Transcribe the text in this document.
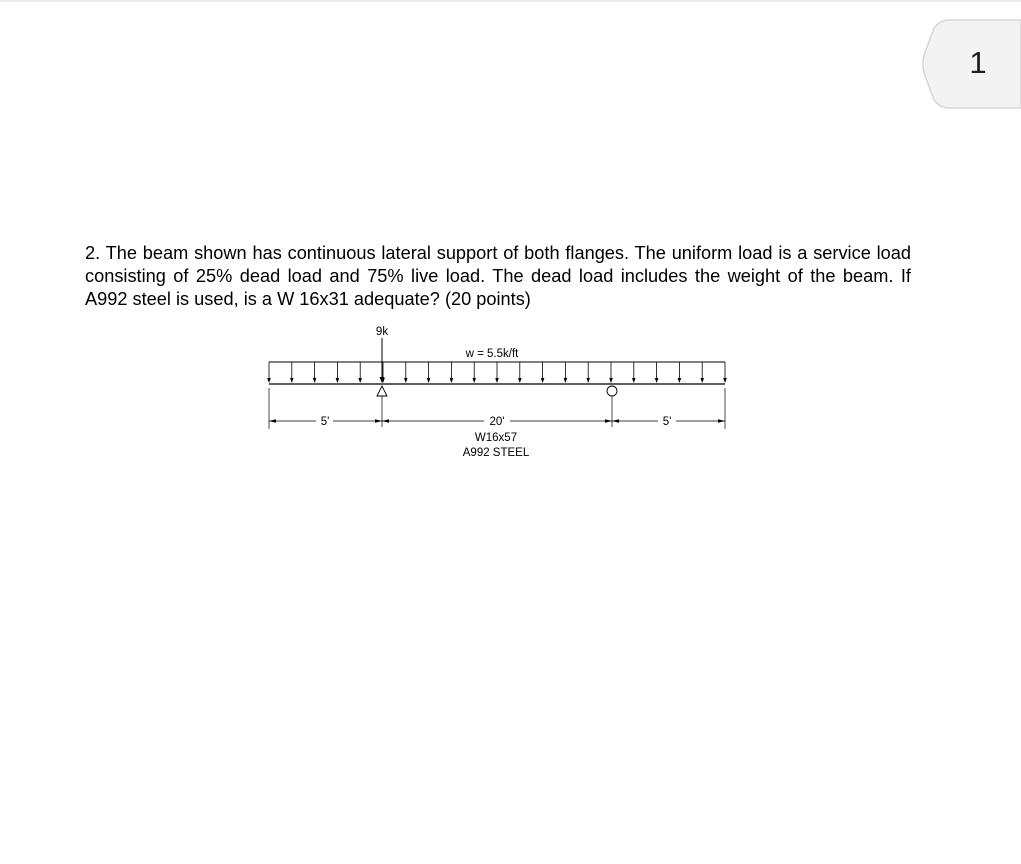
1

2. The beam shown has continuous lateral support of both flanges. The uniform load is a service load consisting of 25% dead load and 75% live load. The dead load includes the weight of the beam. If A992 steel is used, is a W 16x31 adequate? (20 points)

9k
w = 5.5k/ft
5'	20'	5'
W16x57
A992 STEEL
